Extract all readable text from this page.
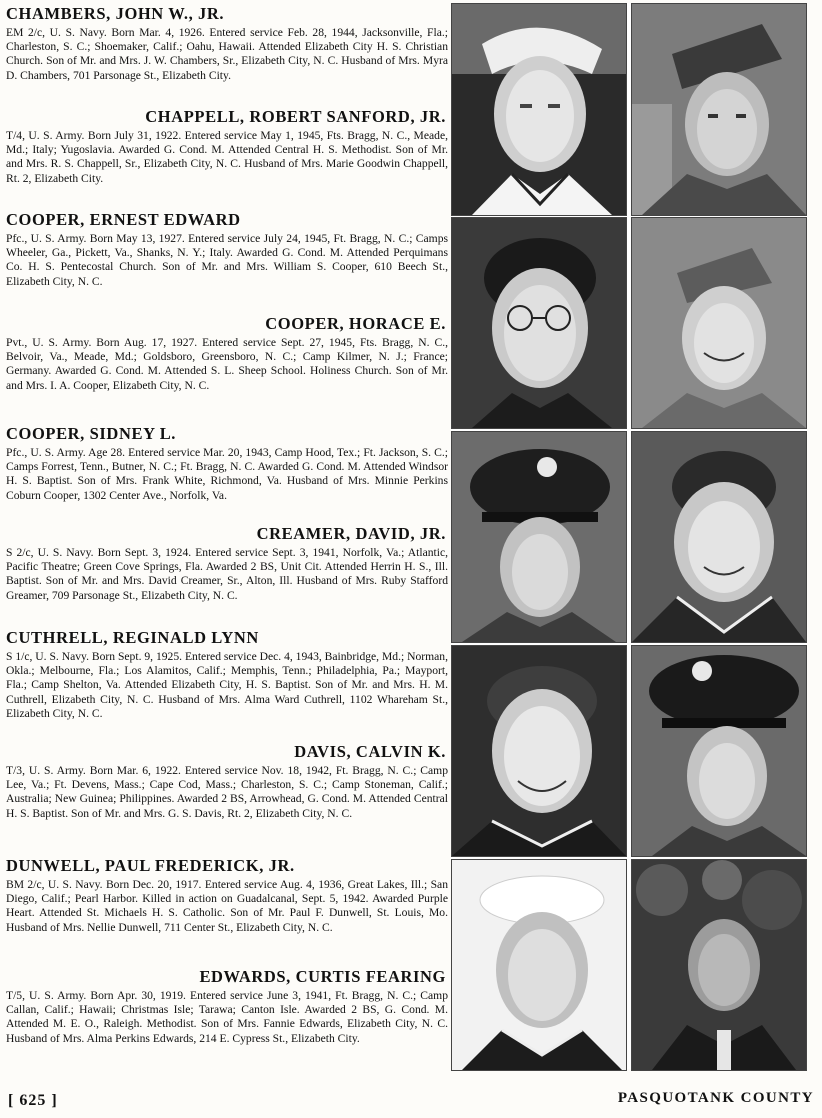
CHAMBERS, JOHN W., JR.
EM 2/c, U. S. Navy. Born Mar. 4, 1926. Entered service Feb. 28, 1944, Jacksonville, Fla.; Charleston, S. C.; Shoemaker, Calif.; Oahu, Hawaii. Attended Elizabeth City H. S. Christian Church. Son of Mr. and Mrs. J. W. Chambers, Sr., Elizabeth City, N. C. Husband of Mrs. Myra D. Chambers, 701 Parsonage St., Elizabeth City.
CHAPPELL, ROBERT SANFORD, JR.
T/4, U. S. Army. Born July 31, 1922. Entered service May 1, 1945, Fts. Bragg, N. C., Meade, Md.; Italy; Yugoslavia. Awarded G. Cond. M. Attended Central H. S. Methodist. Son of Mr. and Mrs. R. S. Chappell, Sr., Elizabeth City, N. C. Husband of Mrs. Marie Goodwin Chappell, Rt. 2, Elizabeth City.
COOPER, ERNEST EDWARD
Pfc., U. S. Army. Born May 13, 1927. Entered service July 24, 1945, Ft. Bragg, N. C.; Camps Wheeler, Ga., Pickett, Va., Shanks, N. Y.; Italy. Awarded G. Cond. M. Attended Perquimans Co. H. S. Pentecostal Church. Son of Mr. and Mrs. William S. Cooper, 610 Beech St., Elizabeth City, N. C.
COOPER, HORACE E.
Pvt., U. S. Army. Born Aug. 17, 1927. Entered service Sept. 27, 1945, Fts. Bragg, N. C., Belvoir, Va., Meade, Md.; Goldsboro, Greensboro, N. C.; Camp Kilmer, N. J.; France; Germany. Awarded G. Cond. M. Attended S. L. Sheep School. Holiness Church. Son of Mr. and Mrs. I. A. Cooper, Elizabeth City, N. C.
COOPER, SIDNEY L.
Pfc., U. S. Army. Age 28. Entered service Mar. 20, 1943, Camp Hood, Tex.; Ft. Jackson, S. C.; Camps Forrest, Tenn., Butner, N. C.; Ft. Bragg, N. C. Awarded G. Cond. M. Attended Windsor H. S. Baptist. Son of Mrs. Frank White, Richmond, Va. Husband of Mrs. Minnie Perkins Coburn Cooper, 1302 Center Ave., Norfolk, Va.
CREAMER, DAVID, JR.
S 2/c, U. S. Navy. Born Sept. 3, 1924. Entered service Sept. 3, 1941, Norfolk, Va.; Atlantic, Pacific Theatre; Green Cove Springs, Fla. Awarded 2 BS, Unit Cit. Attended Herrin H. S., Ill. Baptist. Son of Mr. and Mrs. David Creamer, Sr., Alton, Ill. Husband of Mrs. Ruby Stafford Greamer, 709 Parsonage St., Elizabeth City, N. C.
CUTHRELL, REGINALD LYNN
S 1/c, U. S. Navy. Born Sept. 9, 1925. Entered service Dec. 4, 1943, Bainbridge, Md.; Norman, Okla.; Melbourne, Fla.; Los Alamitos, Calif.; Memphis, Tenn.; Philadelphia, Pa.; Mayport, Fla.; Camp Shelton, Va. Attended Elizabeth City, H. S. Baptist. Son of Mr. and Mrs. H. M. Cuthrell, Elizabeth City, N. C. Husband of Mrs. Alma Ward Cuthrell, 1102 Whareham St., Elizabeth City, N. C.
DAVIS, CALVIN K.
T/3, U. S. Army. Born Mar. 6, 1922. Entered service Nov. 18, 1942, Ft. Bragg, N. C.; Camp Lee, Va.; Ft. Devens, Mass.; Cape Cod, Mass.; Charleston, S. C.; Camp Stoneman, Calif.; Australia; New Guinea; Philippines. Awarded 2 BS, Arrowhead, G. Cond. M. Attended Central H. S. Baptist. Son of Mr. and Mrs. G. S. Davis, Rt. 2, Elizabeth City, N. C.
DUNWELL, PAUL FREDERICK, JR.
BM 2/c, U. S. Navy. Born Dec. 20, 1917. Entered service Aug. 4, 1936, Great Lakes, Ill.; San Diego, Calif.; Pearl Harbor. Killed in action on Guadalcanal, Sept. 5, 1942. Awarded Purple Heart. Attended St. Michaels H. S. Catholic. Son of Mr. Paul F. Dunwell, St. Louis, Mo. Husband of Mrs. Nellie Dunwell, 711 Center St., Elizabeth City, N. C.
EDWARDS, CURTIS FEARING
T/5, U. S. Army. Born Apr. 30, 1919. Entered service June 3, 1941, Ft. Bragg, N. C.; Camp Callan, Calif.; Hawaii; Christmas Isle; Tarawa; Canton Isle. Awarded 2 BS, G. Cond. M. Attended M. E. O., Raleigh. Methodist. Son of Mrs. Fannie Edwards, Elizabeth City, N. C. Husband of Mrs. Alma Perkins Edwards, 214 E. Cypress St., Elizabeth City.
[ 625 ]	PASQUOTANK COUNTY
